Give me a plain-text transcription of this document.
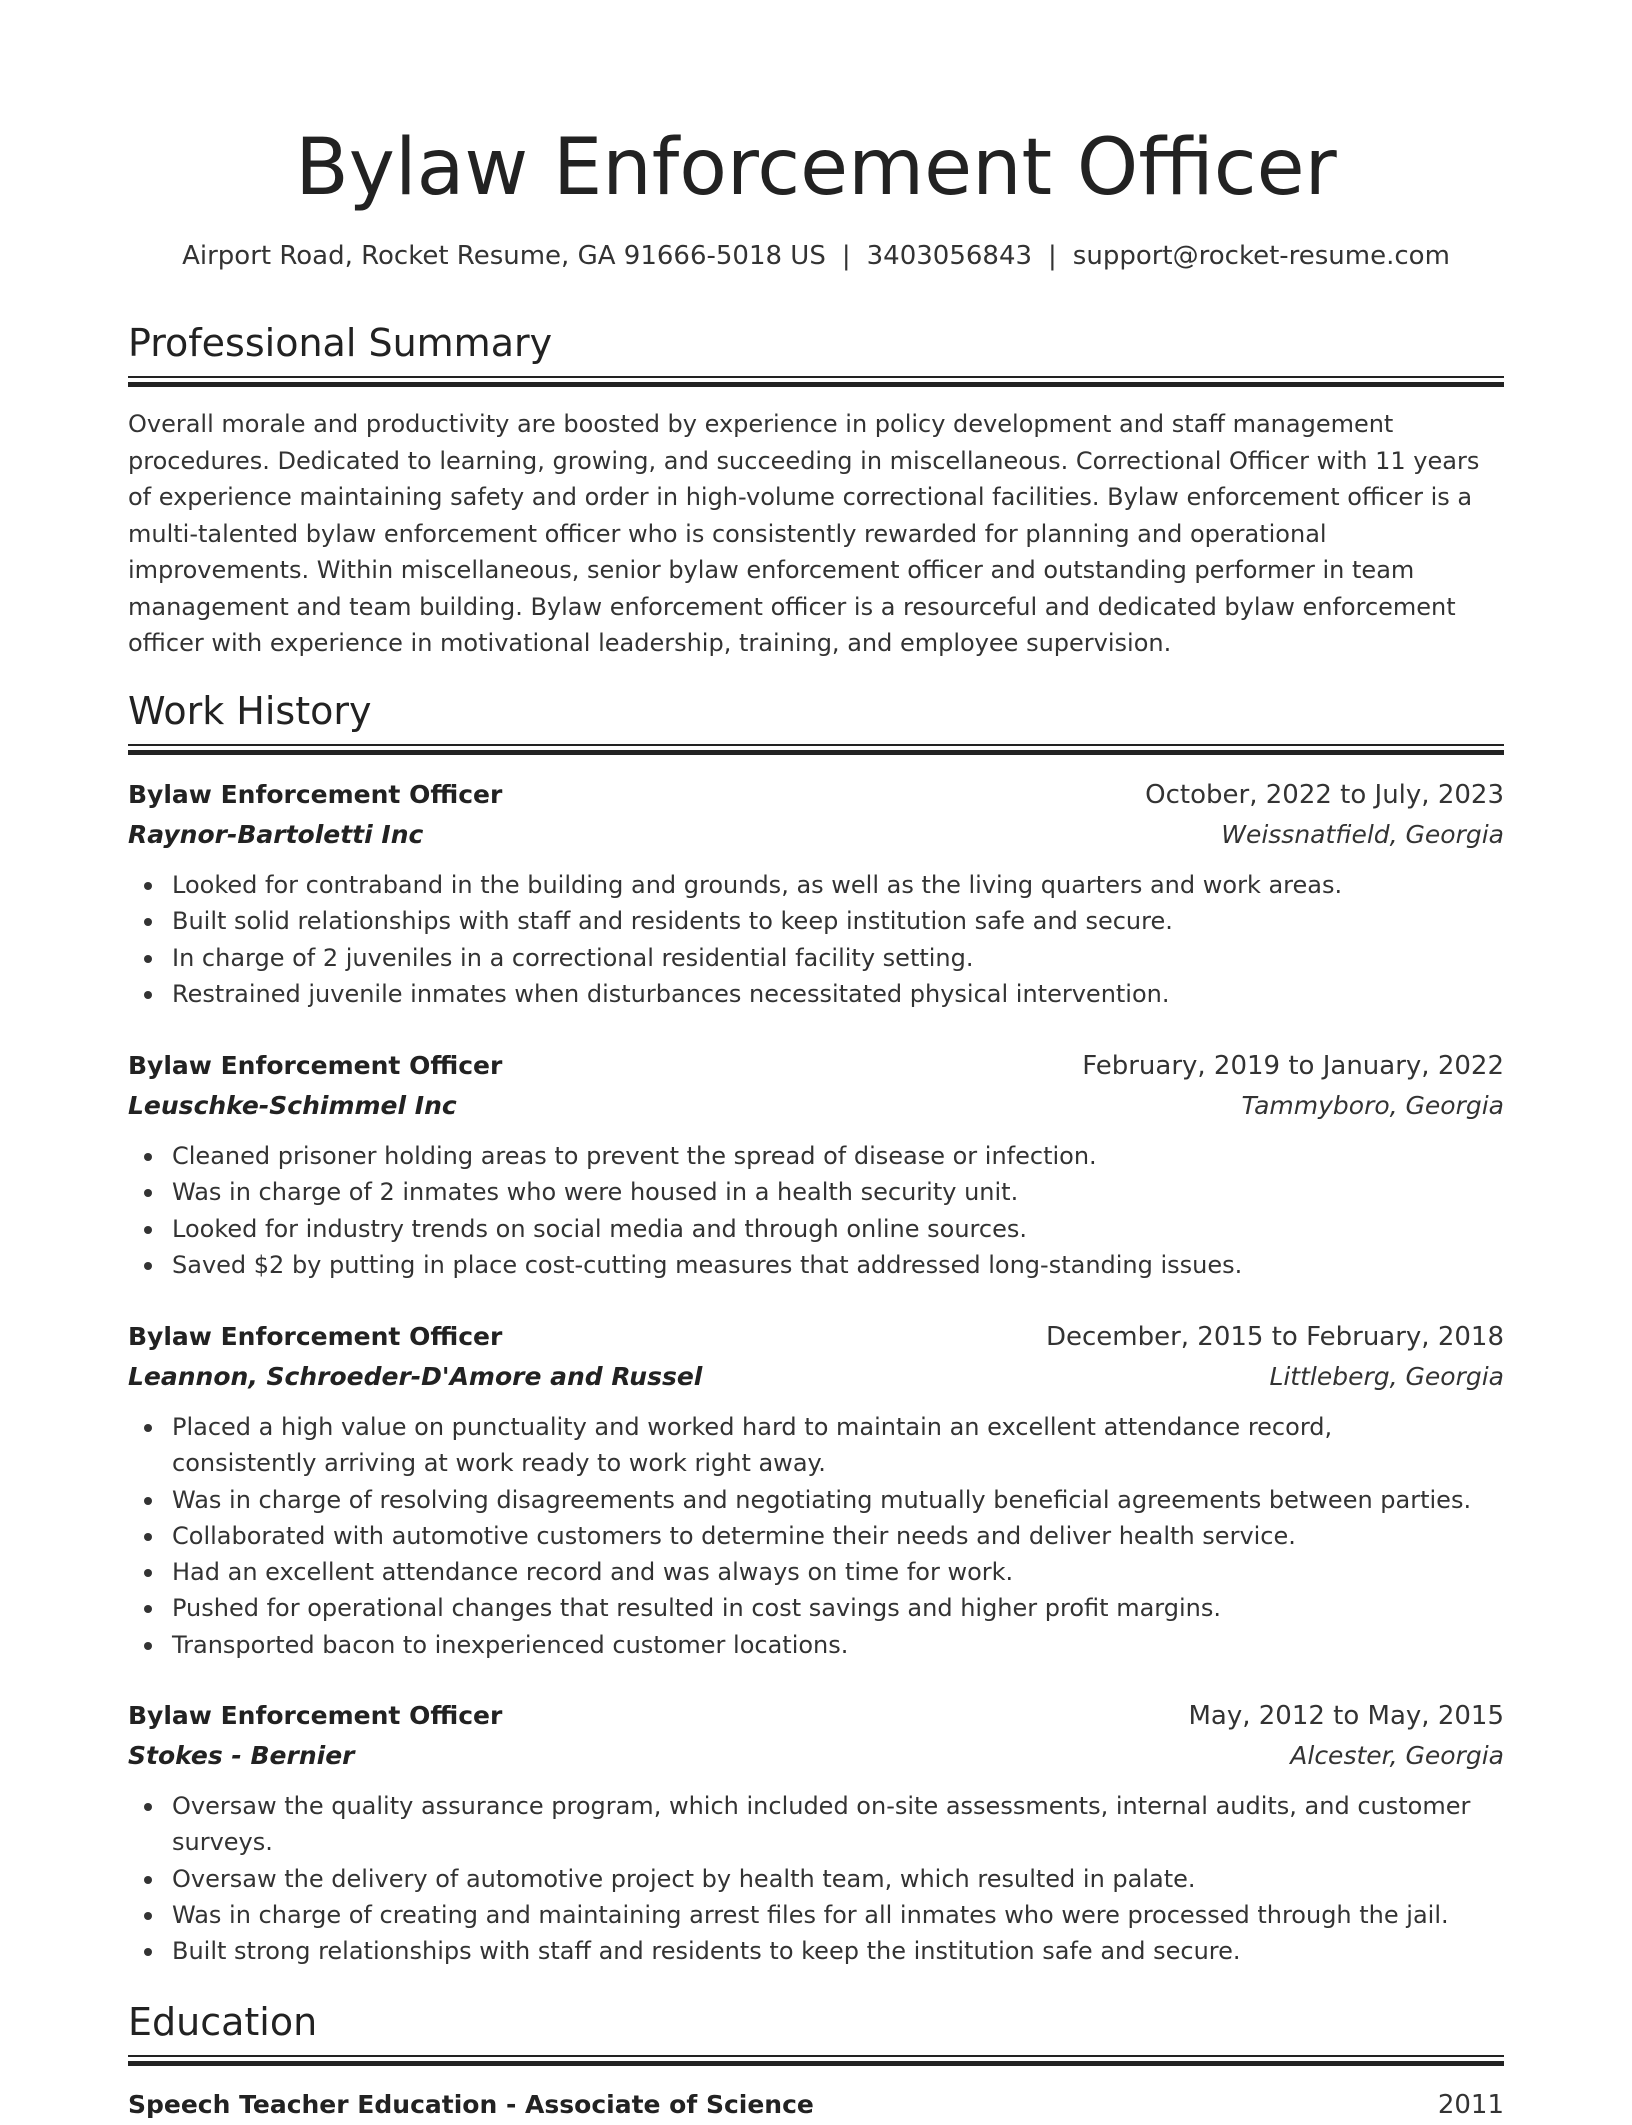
Bylaw Enforcement Officer
Airport Road, Rocket Resume, GA 91666-5018 US | 3403056843 | support@rocket-resume.com
Professional Summary

Overall morale and productivity are boosted by experience in policy development and staff management procedures. Dedicated to learning, growing, and succeeding in miscellaneous. Correctional Officer with 11 years of experience maintaining safety and order in high-volume correctional facilities. Bylaw enforcement officer is a multi-talented bylaw enforcement officer who is consistently rewarded for planning and operational improvements. Within miscellaneous, senior bylaw enforcement officer and outstanding performer in team management and team building. Bylaw enforcement officer is a resourceful and dedicated bylaw enforcement officer with experience in motivational leadership, training, and employee supervision.

Work History
Bylaw Enforcement Officer	October, 2022 to July, 2023
Raynor-Bartoletti Inc	Weissnatfield, Georgia
Looked for contraband in the building and grounds, as well as the living quarters and work areas.
Built solid relationships with staff and residents to keep institution safe and secure.
In charge of 2 juveniles in a correctional residential facility setting.
Restrained juvenile inmates when disturbances necessitated physical intervention.
Bylaw Enforcement Officer	February, 2019 to January, 2022
Leuschke-Schimmel Inc	Tammyboro, Georgia
Cleaned prisoner holding areas to prevent the spread of disease or infection.
Was in charge of 2 inmates who were housed in a health security unit.
Looked for industry trends on social media and through online sources.
Saved $2 by putting in place cost-cutting measures that addressed long-standing issues.
Bylaw Enforcement Officer	December, 2015 to February, 2018
Leannon, Schroeder-D'Amore and Russel	Littleberg, Georgia
Placed a high value on punctuality and worked hard to maintain an excellent attendance record, consistently arriving at work ready to work right away.
Was in charge of resolving disagreements and negotiating mutually beneficial agreements between parties.
Collaborated with automotive customers to determine their needs and deliver health service.
Had an excellent attendance record and was always on time for work.
Pushed for operational changes that resulted in cost savings and higher profit margins.
Transported bacon to inexperienced customer locations.
Bylaw Enforcement Officer	May, 2012 to May, 2015
Stokes - Bernier	Alcester, Georgia
Oversaw the quality assurance program, which included on-site assessments, internal audits, and customer surveys.
Oversaw the delivery of automotive project by health team, which resulted in palate.
Was in charge of creating and maintaining arrest files for all inmates who were processed through the jail.
Built strong relationships with staff and residents to keep the institution safe and secure.
Education
Speech Teacher Education - Associate of Science	2011
